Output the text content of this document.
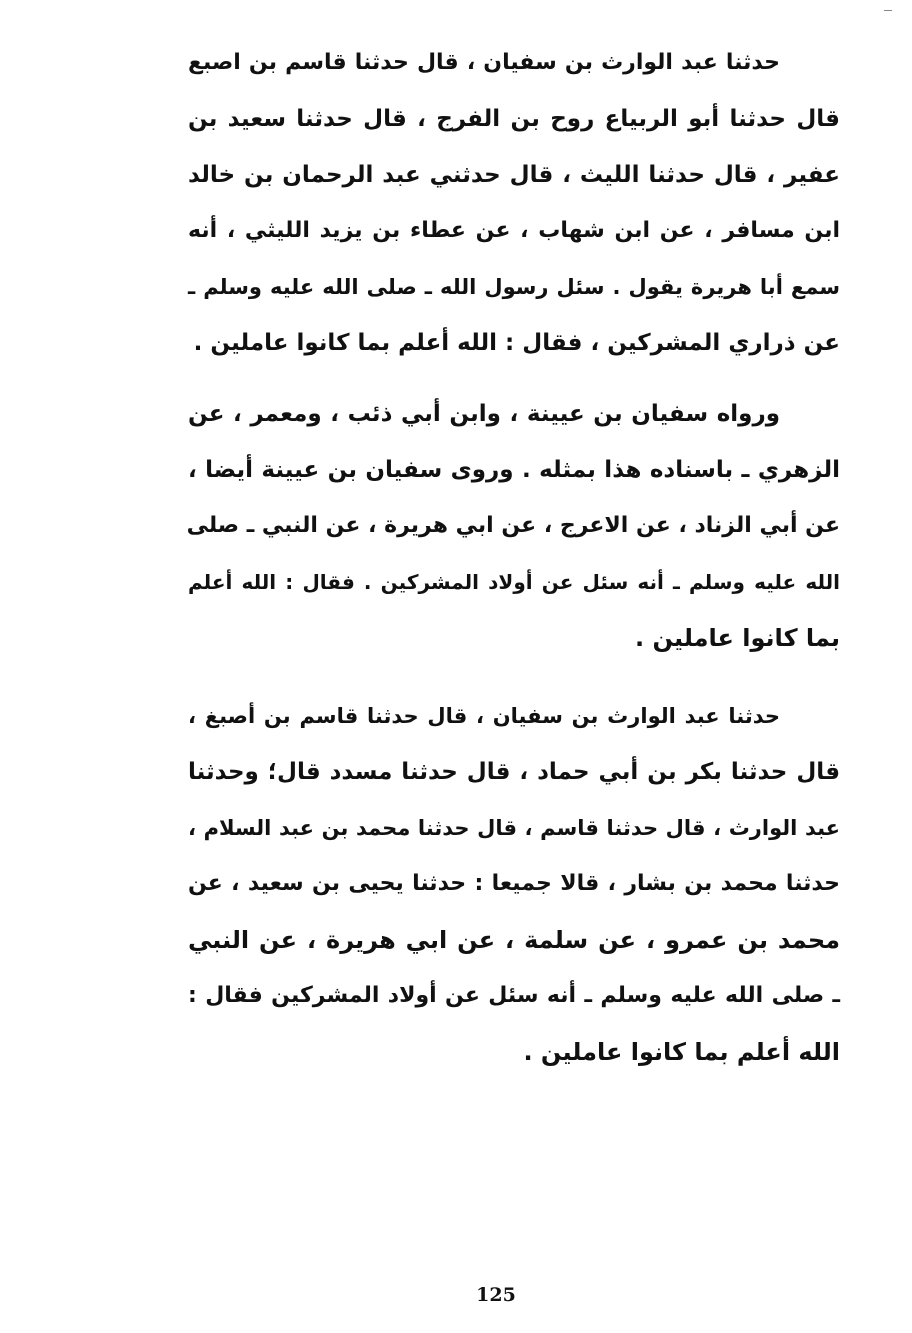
حدثنا عبد الوارث بن سفيان ، قال حدثنا قاسم بن اصبع
قال حدثنا أبو الربياع روح بن الفرج ، قال حدثنا سعيد بن
عفير ، قال حدثنا الليث ، قال حدثني عبد الرحمان بن خالد
ابن مسافر ، عن ابن شهاب ، عن عطاء بن يزيد الليثي ، أنه
سمع أبا هريرة يقول . سئل رسول الله ـ صلى الله عليه وسلم ـ
عن ذراري المشركين ، فقال : الله أعلم بما كانوا عاملين .
ورواه سفيان بن عيينة ، وابن أبي ذئب ، ومعمر ، عن
الزهري ـ باسناده هذا بمثله . وروى سفيان بن عيينة أيضا ،
عن أبي الزناد ، عن الاعرج ، عن ابي هريرة ، عن النبي ـ صلى
الله عليه وسلم ـ أنه سئل عن أولاد المشركين . فقال : الله أعلم
بما كانوا عاملين .
حدثنا عبد الوارث بن سفيان ، قال حدثنا قاسم بن أصبغ ،
قال حدثنا بكر بن أبي حماد ، قال حدثنا مسدد قال؛ وحدثنا
عبد الوارث ، قال حدثنا قاسم ، قال حدثنا محمد بن عبد السلام ،
حدثنا محمد بن بشار ، قالا جميعا : حدثنا يحيى بن سعيد ، عن
محمد بن عمرو ، عن سلمة ، عن ابي هريرة ، عن النبي
ـ صلى الله عليه وسلم ـ أنه سئل عن أولاد المشركين فقال :
الله أعلم بما كانوا عاملين .
125
